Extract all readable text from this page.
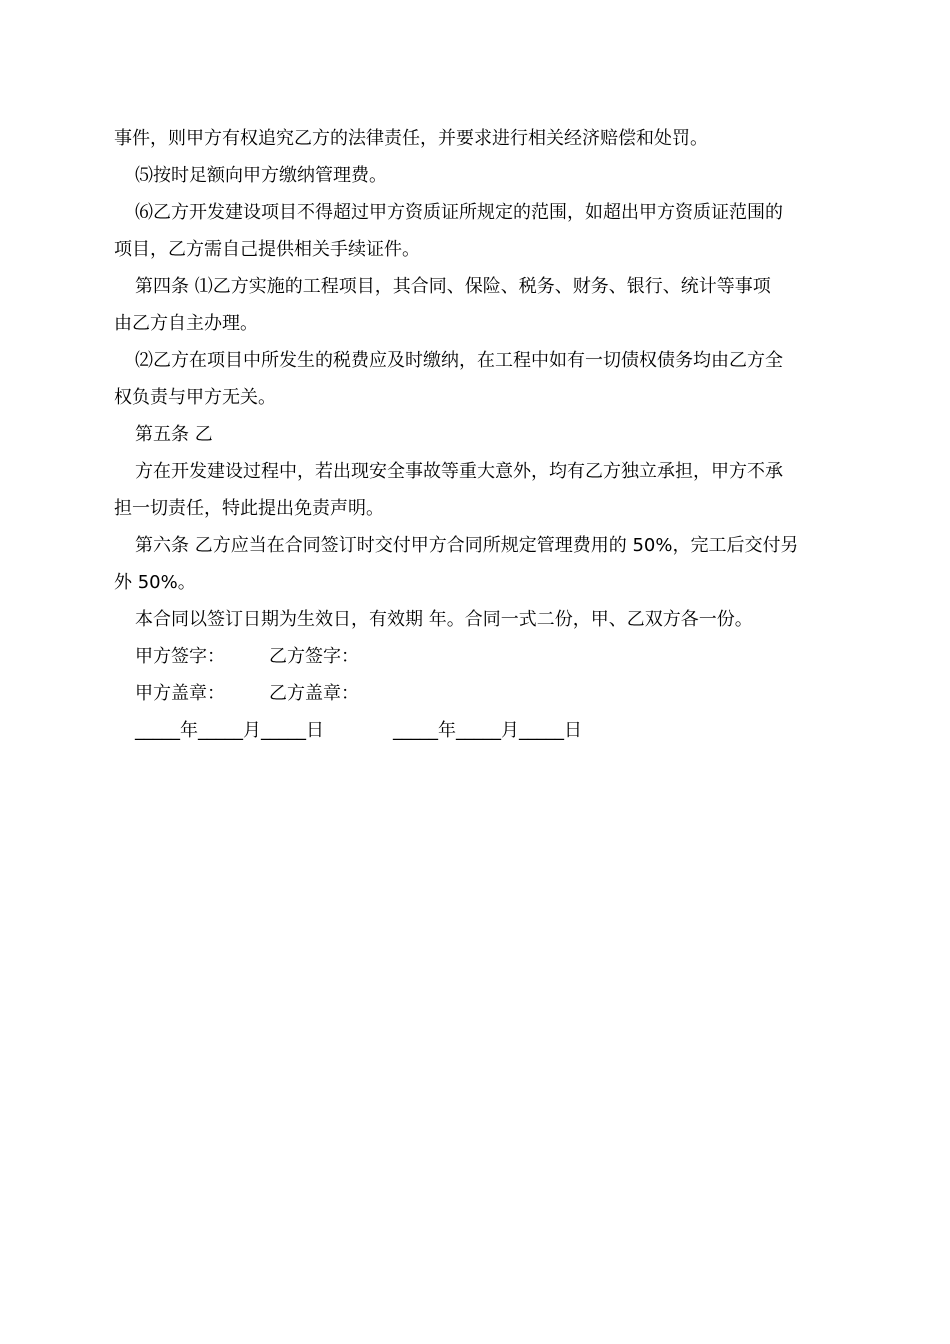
事件，则甲方有权追究乙方的法律责任，并要求进行相关经济赔偿和处罚。

⑸按时足额向甲方缴纳管理费。

⑹乙方开发建设项目不得超过甲方资质证所规定的范围，如超出甲方资质证范围的

项目，乙方需自己提供相关手续证件。

第四条 ⑴乙方实施的工程项目，其合同、保险、税务、财务、银行、统计等事项

由乙方自主办理。

⑵乙方在项目中所发生的税费应及时缴纳，在工程中如有一切债权债务均由乙方全

权负责与甲方无关。

第五条 乙

方在开发建设过程中，若出现安全事故等重大意外，均有乙方独立承担，甲方不承

担一切责任，特此提出免责声明。

第六条 乙方应当在合同签订时交付甲方合同所规定管理费用的 50%，完工后交付另

外 50%。

本合同以签订日期为生效日，有效期 年。合同一式二份，甲、乙双方各一份。

甲方签字： 乙方签字：

甲方盖章： 乙方盖章：

_____年_____月_____日	_____年_____月_____日
